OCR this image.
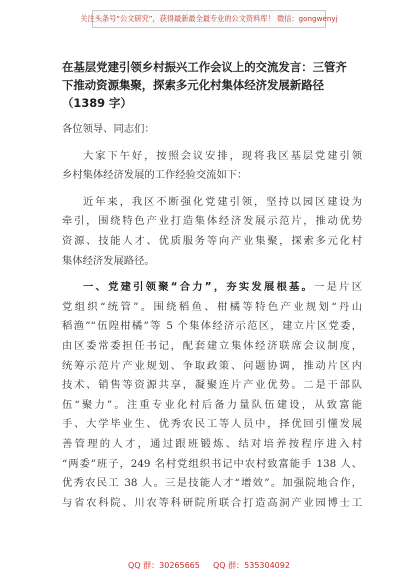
关注头条号“公文研究”，获得最新最全最专业的公文资料库！ 微信：gongwenyj
在基层党建引领乡村振兴工作会议上的交流发言：三管齐
下推动资源集聚，探索多元化村集体经济发展新路径
（1389 字）

各位领导、同志们：

大家下午好，按照会议安排，现将我区基层党建引领
乡村集体经济发展的工作经验交流如下：

近年来，我区不断强化党建引领，坚持以园区建设为
牵引，围绕特色产业打造集体经济发展示范片，推动优势
资源、技能人才、优质服务等向产业集聚，探索多元化村
集体经济发展路径。

一、党建引领聚“合力”，夯实发展根基。一是片区
党组织“统管”。围绕稻鱼、柑橘等特色产业规划“丹山
稻渔”“伍隍柑橘”等 5 个集体经济示范区，建立片区党委，
由区委常委担任书记，配套建立集体经济联席会议制度，
统筹示范片产业规划、争取政策、问题协调，推动片区内
技术、销售等资源共享，凝聚连片产业优势。二是干部队
伍“聚力”。注重专业化村后备力量队伍建设，从致富能
手、大学毕业生、优秀农民工等人员中，择优回引懂发展
善管理的人才，通过跟班锻炼、结对培养按程序进入村
“两委”班子，249 名村党组织书记中农村致富能手 138 人、
优秀农民工 38 人。三是技能人才“增效”。加强院地合作，
与省农科院、川农等科研院所联合打造高洞产业园博士工

QQ 群：30265665 QQ 群：535304092
